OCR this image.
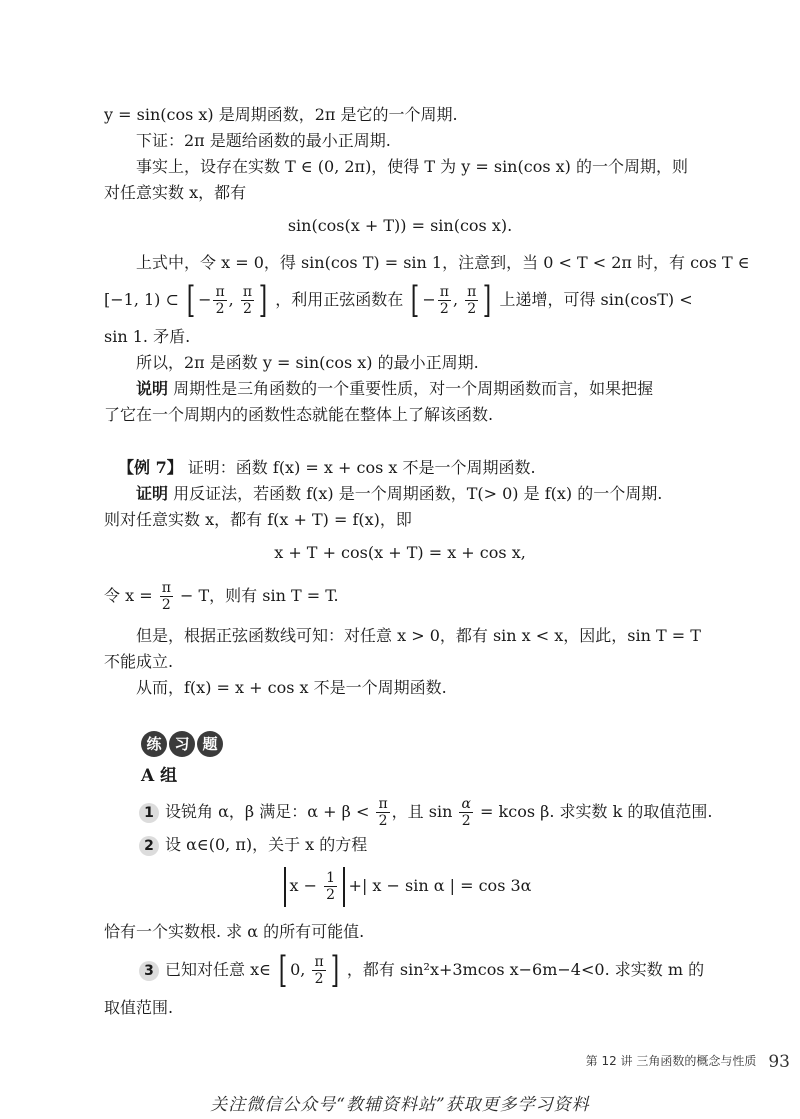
y = sin(cos x) 是周期函数，2π 是它的一个周期.
下证：2π 是题给函数的最小正周期.
事实上，设存在实数 T ∈ (0, 2π)，使得 T 为 y = sin(cos x) 的一个周期，则
对任意实数 x，都有
sin(cos(x + T)) = sin(cos x).
上式中，令 x = 0，得 sin(cos T) = sin 1，注意到，当 0 < T < 2π 时，有 cos T ∈
[−1, 1) ⊂ [ − $\frac{\pi}{2}$ , $\frac{\pi}{2}$ ] ，利用正弦函数在 [ − $\frac{\pi}{2}$ , $\frac{\pi}{2}$ ] 上递增，可得 sin(cosT) <
sin 1. 矛盾.
所以，2π 是函数 y = sin(cos x) 的最小正周期.
说明 周期性是三角函数的一个重要性质，对一个周期函数而言，如果把握
了它在一个周期内的函数性态就能在整体上了解该函数.
【例 7】 证明：函数 f(x) = x + cos x 不是一个周期函数.
证明 用反证法，若函数 f(x) 是一个周期函数，T(> 0) 是 f(x) 的一个周期.
则对任意实数 x，都有 f(x + T) = f(x)，即
x + T + cos(x + T) = x + cos x,
令 $x = \frac{\pi}{2} - T$，则有 sin T = T.
但是，根据正弦函数线可知：对任意 x > 0，都有 sin x < x，因此，sin T = T
不能成立.
从而，f(x) = x + cos x 不是一个周期函数.
练 习 题
A 组
1 设锐角 α，β 满足：$\alpha + \beta < \frac{\pi}{2}$ ，且 $\sin \frac{\alpha}{2} = kcos$ β. 求实数 k 的取值范围.
2 设 α∈(0, π)，关于 x 的方程
$x - \frac{1}{2}$ +| x − sin α | = cos 3α
恰有一个实数根. 求 α 的所有可能值.
3 已知对任意 x∈ [ 0, $\frac{\pi}{2}$ ] ，都有 sin²x+3mcos x−6m−4<0. 求实数 m 的
取值范围.
第 12 讲 三角函数的概念与性质 93
关注微信公众号“教辅资料站”获取更多学习资料
